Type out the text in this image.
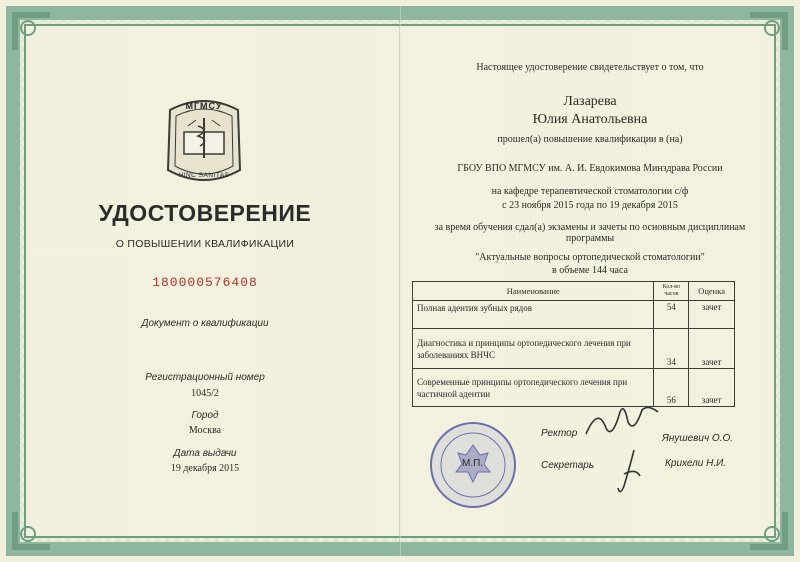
МГМСУ
HINC SANITAS
УДОСТОВЕРЕНИЕ
О ПОВЫШЕНИИ КВАЛИФИКАЦИИ
180000576408
Документ о квалификации
Регистрационный номер
1045/2
Город
Москва
Дата выдачи
19 декабря 2015
Настоящее удостоверение свидетельствует о том, что
Лазарева
Юлия Анатольевна
прошел(а) повышение квалификации в (на)
ГБОУ ВПО МГМСУ им. А. И. Евдокимова Минздрава России
на кафедре терапевтической стоматологии с/ф
с 23 ноября 2015 года по 19 декабря 2015
за время обучения сдал(а) экзамены и зачеты по основным дисциплинам
программы
"Актуальные вопросы ортопедической стоматологии"
в объеме 144 часа
Наименование	Кол-во часов	Оценка
Полная адентия зубных рядов	54	зачет
Диагностика и принципы ортопедического лечения при заболеваниях ВНЧС	34	зачет
Современные принципы ортопедического лечения при частичной адентии	56	зачет
М.П.
Ректор	Янушевич О.О.
Секретарь	Крихели Н.И.
